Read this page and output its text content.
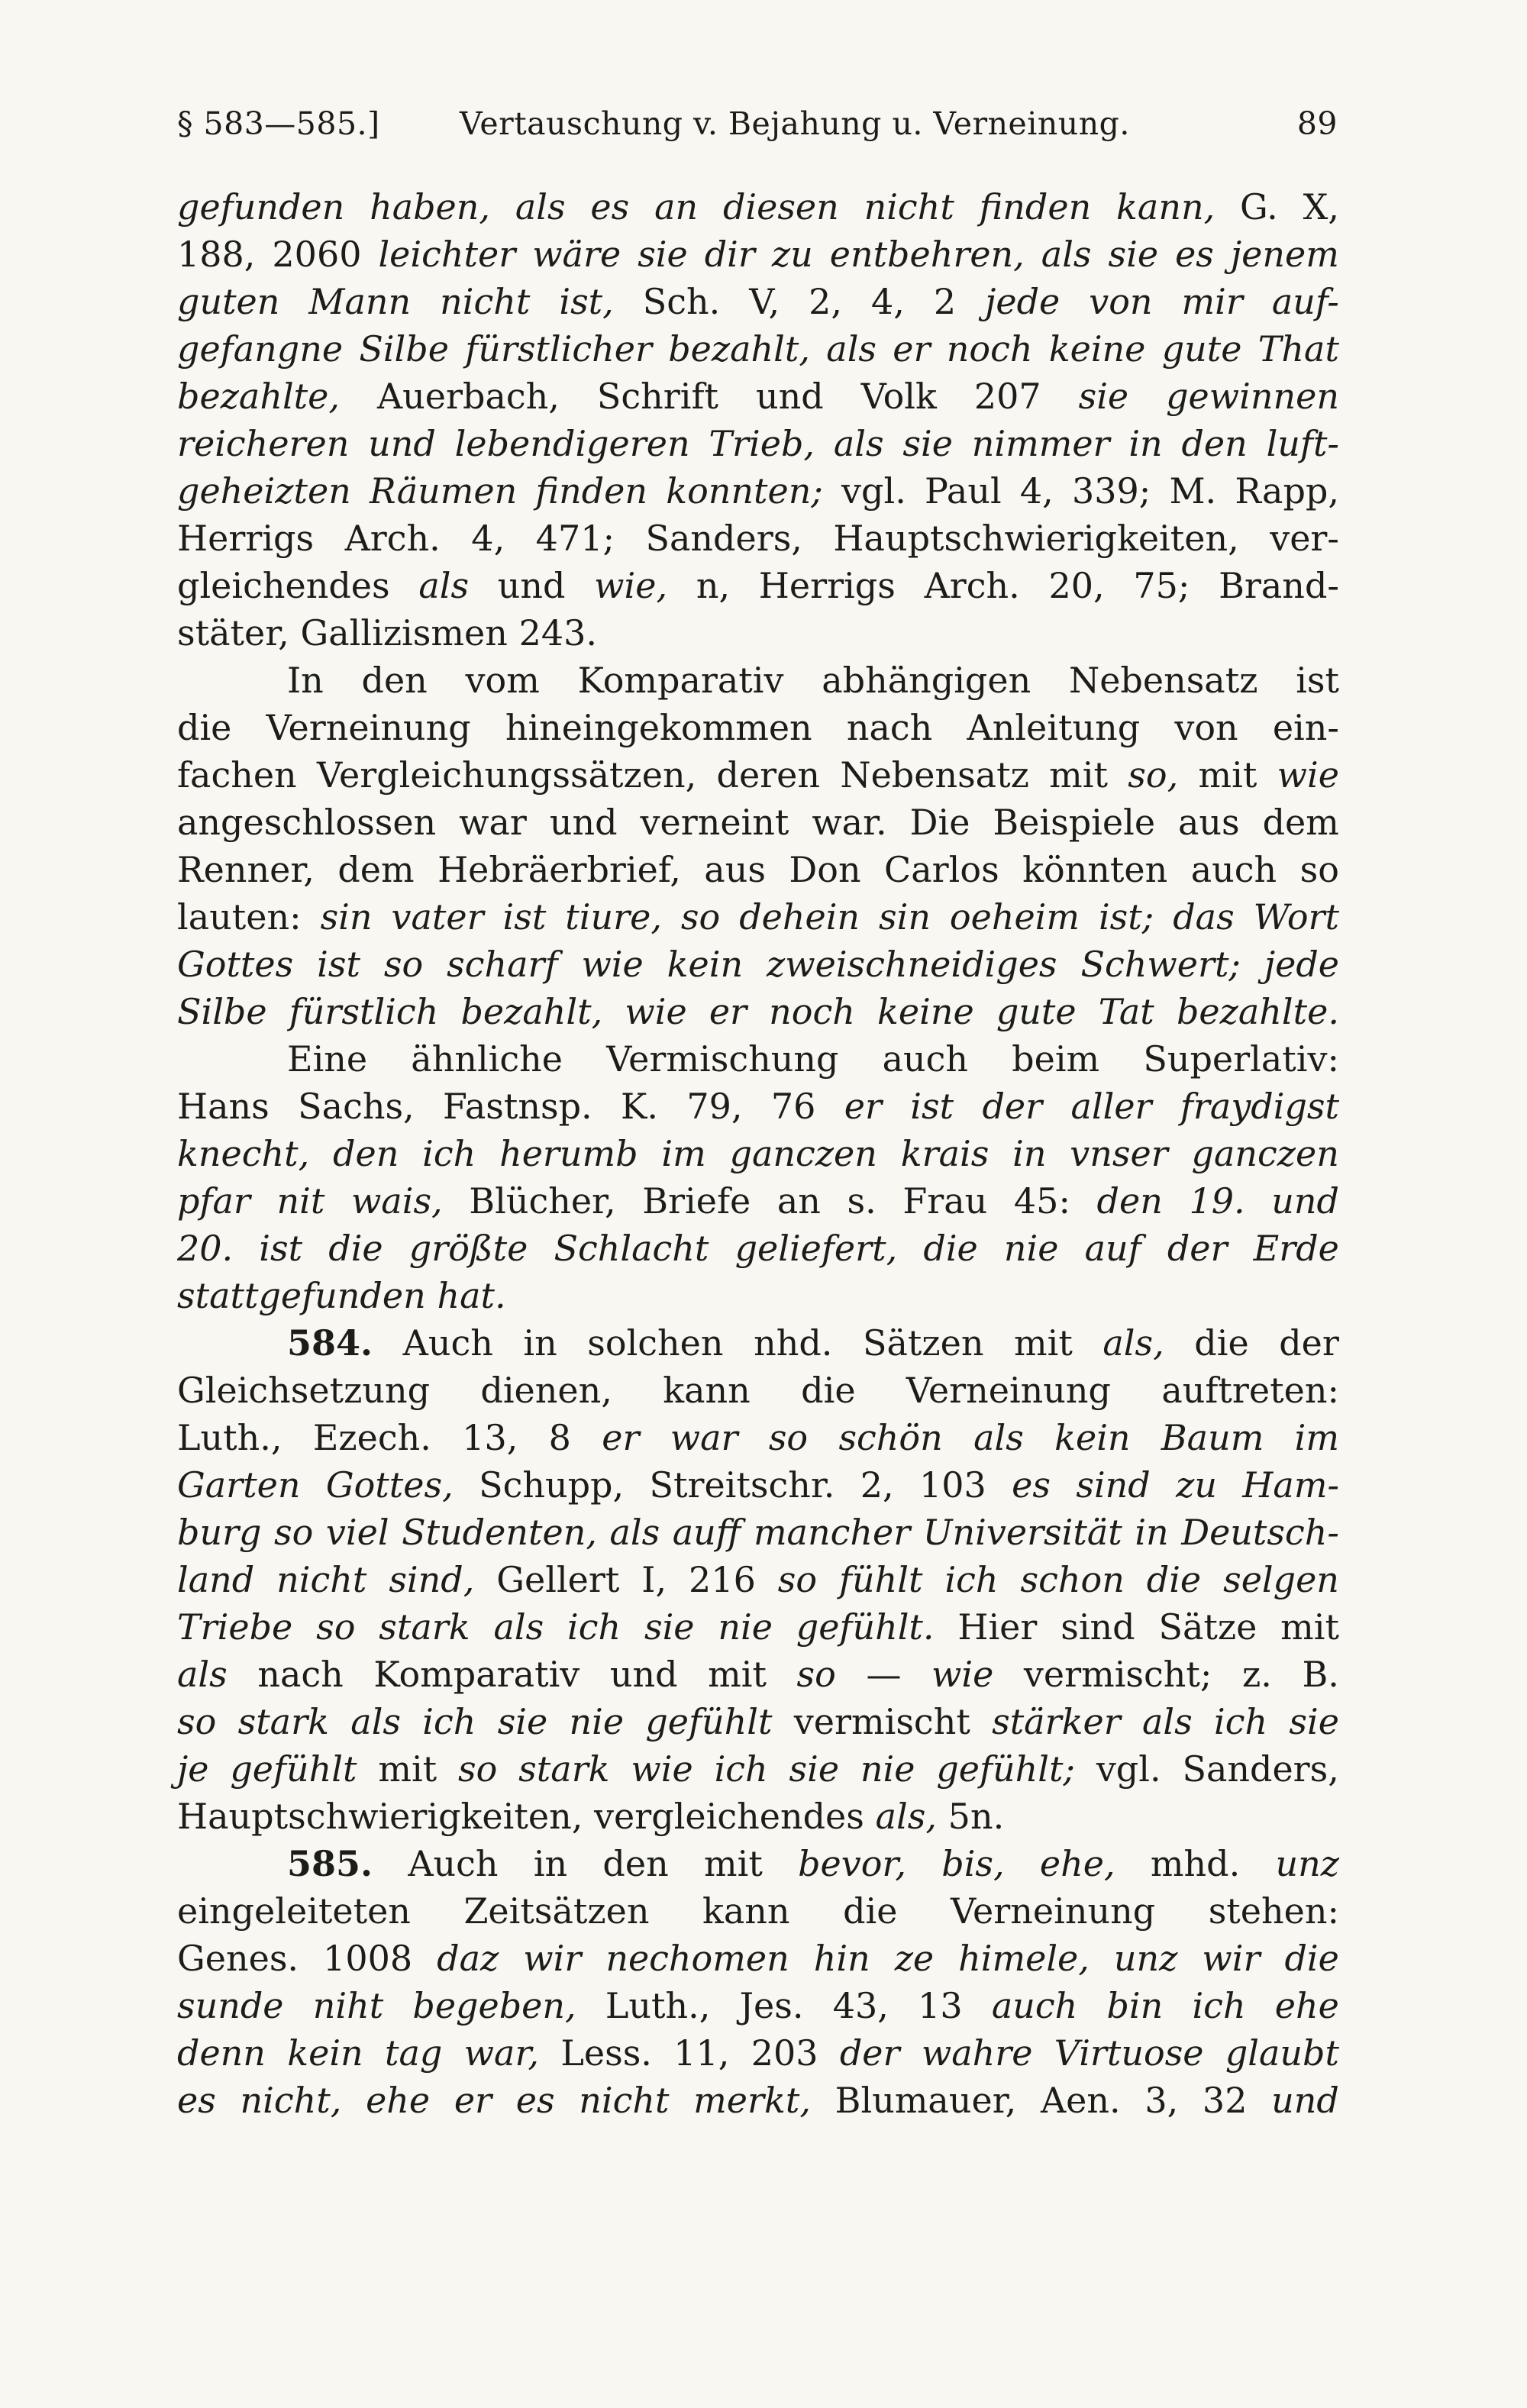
§ 583—585.]	Vertauschung v. Bejahung u. Verneinung.	89
gefunden haben, als es an diesen nicht finden kann, G. X,
188, 2060 leichter wäre sie dir zu entbehren, als sie es jenem
guten Mann nicht ist, Sch. V, 2, 4, 2 jede von mir auf-
gefangne Silbe fürstlicher bezahlt, als er noch keine gute That
bezahlte, Auerbach, Schrift und Volk 207 sie gewinnen
reicheren und lebendigeren Trieb, als sie nimmer in den luft-
geheizten Räumen finden konnten; vgl. Paul 4, 339; M. Rapp,
Herrigs Arch. 4, 471; Sanders, Hauptschwierigkeiten, ver-
gleichendes als und wie, n, Herrigs Arch. 20, 75; Brand-
stäter, Gallizismen 243.
In den vom Komparativ abhängigen Nebensatz ist
die Verneinung hineingekommen nach Anleitung von ein-
fachen Vergleichungssätzen, deren Nebensatz mit so, mit wie
angeschlossen war und verneint war. Die Beispiele aus dem
Renner, dem Hebräerbrief, aus Don Carlos könnten auch so
lauten: sin vater ist tiure, so dehein sin oeheim ist; das Wort
Gottes ist so scharf wie kein zweischneidiges Schwert; jede
Silbe fürstlich bezahlt, wie er noch keine gute Tat bezahlte.
Eine ähnliche Vermischung auch beim Superlativ:
Hans Sachs, Fastnsp. K. 79, 76 er ist der aller fraydigst
knecht, den ich herumb im ganczen krais in vnser ganczen
pfar nit wais, Blücher, Briefe an s. Frau 45: den 19. und
20. ist die größte Schlacht geliefert, die nie auf der Erde
stattgefunden hat.
584. Auch in solchen nhd. Sätzen mit als, die der
Gleichsetzung dienen, kann die Verneinung auftreten:
Luth., Ezech. 13, 8 er war so schön als kein Baum im
Garten Gottes, Schupp, Streitschr. 2, 103 es sind zu Ham-
burg so viel Studenten, als auff mancher Universität in Deutsch-
land nicht sind, Gellert I, 216 so fühlt ich schon die selgen
Triebe so stark als ich sie nie gefühlt. Hier sind Sätze mit
als nach Komparativ und mit so — wie vermischt; z. B.
so stark als ich sie nie gefühlt vermischt stärker als ich sie
je gefühlt mit so stark wie ich sie nie gefühlt; vgl. Sanders,
Hauptschwierigkeiten, vergleichendes als, 5n.
585. Auch in den mit bevor, bis, ehe, mhd. unz
eingeleiteten Zeitsätzen kann die Verneinung stehen:
Genes. 1008 daz wir nechomen hin ze himele, unz wir die
sunde niht begeben, Luth., Jes. 43, 13 auch bin ich ehe
denn kein tag war, Less. 11, 203 der wahre Virtuose glaubt
es nicht, ehe er es nicht merkt, Blumauer, Aen. 3, 32 und
